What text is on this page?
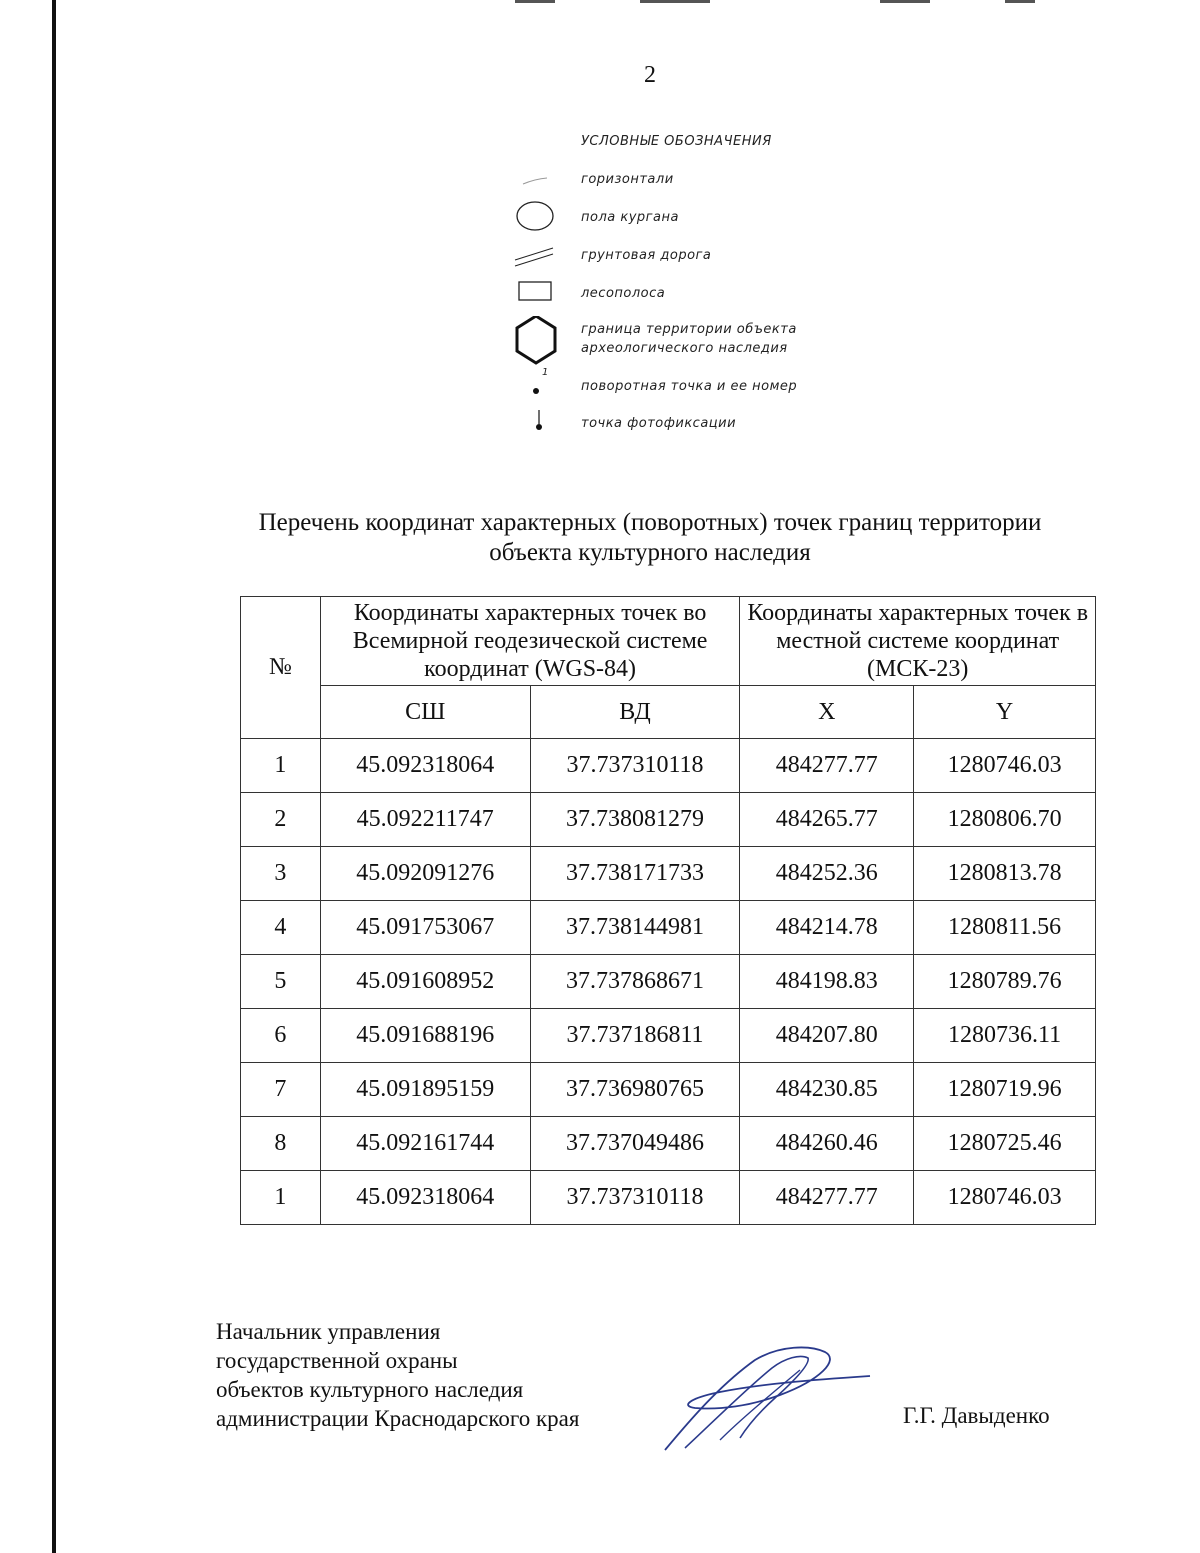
2
УСЛОВНЫЕ ОБОЗНАЧЕНИЯ
горизонтали
пола кургана
грунтовая дорога
лесополоса
граница территории объекта
археологического наследия
1
поворотная точка и ее номер
точка фотофиксации
Перечень координат характерных (поворотных) точек границ территории
объекта культурного наследия
№	Координаты характерных точек во Всемирной геодезической системе координат (WGS-84)		Координаты характерных точек в местной системе координат (МСК-23)	
	СШ	ВД	X	Y
1	45.092318064	37.737310118	484277.77	1280746.03
2	45.092211747	37.738081279	484265.77	1280806.70
3	45.092091276	37.738171733	484252.36	1280813.78
4	45.091753067	37.738144981	484214.78	1280811.56
5	45.091608952	37.737868671	484198.83	1280789.76
6	45.091688196	37.737186811	484207.80	1280736.11
7	45.091895159	37.736980765	484230.85	1280719.96
8	45.092161744	37.737049486	484260.46	1280725.46
1	45.092318064	37.737310118	484277.77	1280746.03
Начальник управления
государственной охраны
объектов культурного наследия
администрации Краснодарского края	Г.Г. Давыденко
